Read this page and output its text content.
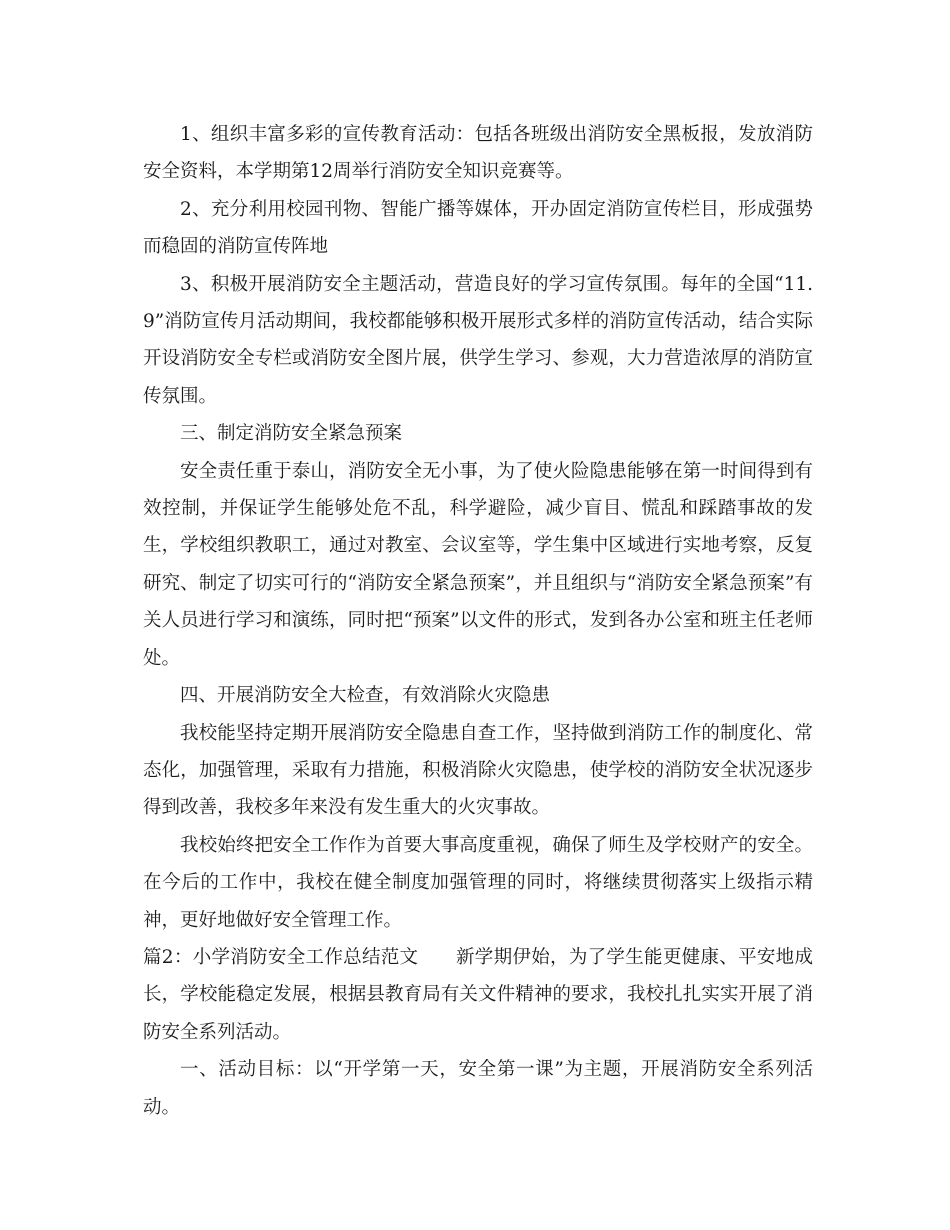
1、组织丰富多彩的宣传教育活动：包括各班级出消防安全黑板报，发放消防安全资料，本学期第12周举行消防安全知识竞赛等。

2、充分利用校园刊物、智能广播等媒体，开办固定消防宣传栏目，形成强势而稳固的消防宣传阵地

3、积极开展消防安全主题活动，营造良好的学习宣传氛围。每年的全国“11.9”消防宣传月活动期间，我校都能够积极开展形式多样的消防宣传活动，结合实际开设消防安全专栏或消防安全图片展，供学生学习、参观，大力营造浓厚的消防宣传氛围。

三、制定消防安全紧急预案

安全责任重于泰山，消防安全无小事，为了使火险隐患能够在第一时间得到有效控制，并保证学生能够处危不乱，科学避险，减少盲目、慌乱和踩踏事故的发生，学校组织教职工，通过对教室、会议室等，学生集中区域进行实地考察，反复研究、制定了切实可行的“消防安全紧急预案”，并且组织与“消防安全紧急预案”有关人员进行学习和演练，同时把“预案”以文件的形式，发到各办公室和班主任老师处。

四、开展消防安全大检查，有效消除火灾隐患

我校能坚持定期开展消防安全隐患自查工作，坚持做到消防工作的制度化、常态化，加强管理，采取有力措施，积极消除火灾隐患，使学校的消防安全状况逐步得到改善，我校多年来没有发生重大的火灾事故。

我校始终把安全工作作为首要大事高度重视，确保了师生及学校财产的安全。在今后的工作中，我校在健全制度加强管理的同时，将继续贯彻落实上级指示精神，更好地做好安全管理工作。

篇2：小学消防安全工作总结范文　　新学期伊始，为了学生能更健康、平安地成长，学校能稳定发展，根据县教育局有关文件精神的要求，我校扎扎实实开展了消防安全系列活动。

一、活动目标：以“开学第一天，安全第一课”为主题，开展消防安全系列活动。
